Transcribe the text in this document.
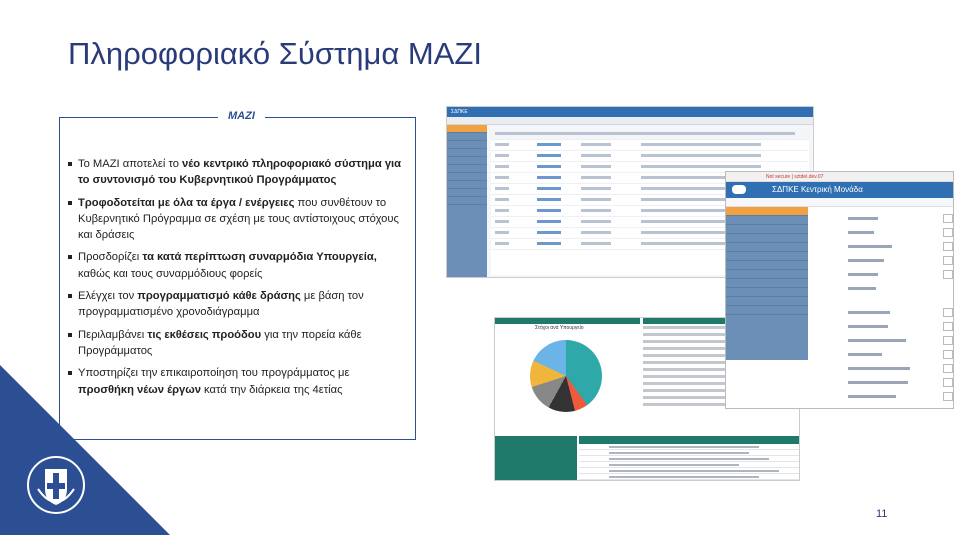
Πληροφοριακό Σύστημα ΜΑΖΙ
MAZI
Το ΜΑΖΙ αποτελεί το νέο κεντρικό πληροφοριακό σύστημα για το συντονισμό του Κυβερνητικού Προγράμματος
Τροφοδοτείται με όλα τα έργα / ενέργειες που συνθέτουν το Κυβερνητικό Πρόγραμμα σε σχέση με τους αντίστοιχους στόχους και δράσεις
Προσδορίζει τα κατά περίπτωση συναρμόδια Υπουργεία, καθώς και τους συναρμόδιους φορείς
Ελέγχει τον προγραμματισμό κάθε δράσης με βάση τον προγραμματισμένο χρονοδιάγραμμα
Περιλαμβάνει τις εκθέσεις προόδου για την πορεία κάθε Προγράμματος
Υποστηρίζει την επικαιροποίηση του προγράμματος με προσθήκη νέων έργων κατά την διάρκεια της 4ετίας
ΣΔΠΚΕ
Στόχοι ανά Υπουργείο
Not secure | sztdel.dev.07
ΣΔΠΚΕ Κεντρική Μονάδα
11
